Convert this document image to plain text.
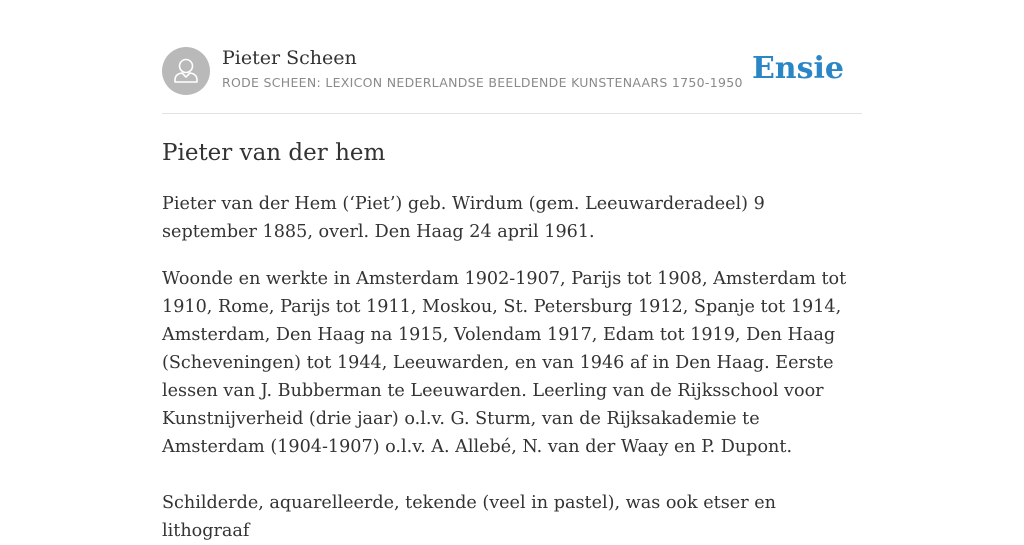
Pieter Scheen
RODE SCHEEN: LEXICON NEDERLANDSE BEELDENDE KUNSTENAARS 1750-1950 Ensie
Pieter van der hem

Pieter van der Hem (‘Piet’) geb. Wirdum (gem. Leeuwarderadeel) 9 september 1885, overl. Den Haag 24 april 1961.

Woonde en werkte in Amsterdam 1902-1907, Parijs tot 1908, Amsterdam tot 1910, Rome, Parijs tot 1911, Moskou, St. Petersburg 1912, Spanje tot 1914, Amsterdam, Den Haag na 1915, Volendam 1917, Edam tot 1919, Den Haag (Scheveningen) tot 1944, Leeuwarden, en van 1946 af in Den Haag. Eerste lessen van J. Bubberman te Leeuwarden. Leerling van de Rijksschool voor Kunstnijverheid (drie jaar) o.l.v. G. Sturm, van de Rijksakademie te Amsterdam (1904-1907) o.l.v. A. Allebé, N. van der Waay en P. Dupont.

Schilderde, aquarelleerde, tekende (veel in pastel), was ook etser en lithograaf
